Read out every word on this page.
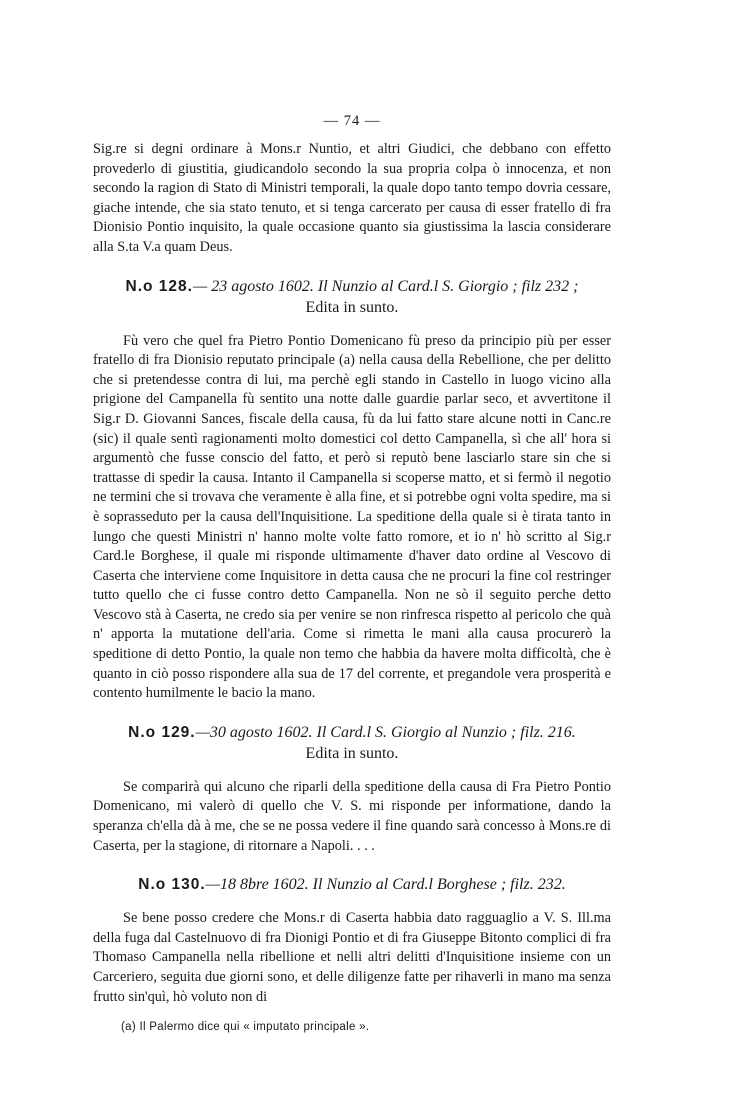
— 74 —

Sig.re si degni ordinare à Mons.r Nuntio, et altri Giudici, che debbano con effetto provederlo di giustitia, giudicandolo secondo la sua propria colpa ò innocenza, et non secondo la ragion di Stato di Ministri temporali, la quale dopo tanto tempo dovria cessare, giache intende, che sia stato tenuto, et si tenga carcerato per causa di esser fratello di fra Dionisio Pontio inquisito, la quale occasione quanto sia giustissima la lascia considerare alla S.ta V.a quam Deus.

N.o 128.— 23 agosto 1602. Il Nunzio al Card.l S. Giorgio ; filz 232 ;
Edita in sunto.

Fù vero che quel fra Pietro Pontio Domenicano fù preso da principio più per esser fratello di fra Dionisio reputato principale (a) nella causa della Rebellione, che per delitto che si pretendesse contra di lui, ma perchè egli stando in Castello in luogo vicino alla prigione del Campanella fù sentito una notte dalle guardie parlar seco, et avvertitone il Sig.r D. Giovanni Sances, fiscale della causa, fù da lui fatto stare alcune notti in Canc.re (sic) il quale sentì ragionamenti molto domestici col detto Campanella, sì che all' hora si argumentò che fusse conscio del fatto, et però si reputò bene lasciarlo stare sin che si trattasse di spedir la causa. Intanto il Campanella si scoperse matto, et si fermò il negotio ne termini che si trovava che veramente è alla fine, et si potrebbe ogni volta spedire, ma si è soprasseduto per la causa dell'Inquisitione. La speditione della quale si è tirata tanto in lungo che questi Ministri n' hanno molte volte fatto romore, et io n' hò scritto al Sig.r Card.le Borghese, il quale mi risponde ultimamente d'haver dato ordine al Vescovo di Caserta che interviene come Inquisitore in detta causa che ne procuri la fine col restringer tutto quello che ci fusse contro detto Campanella. Non ne sò il seguito perche detto Vescovo stà à Caserta, ne credo sia per venire se non rinfresca rispetto al pericolo che quà n' apporta la mutatione dell'aria. Come si rimetta le mani alla causa procurerò la speditione di detto Pontio, la quale non temo che habbia da havere molta difficoltà, che è quanto in ciò posso rispondere alla sua de 17 del corrente, et pregandole vera prosperità e contento humilmente le bacio la mano.

N.o 129.—30 agosto 1602. Il Card.l S. Giorgio al Nunzio ; filz. 216.
Edita in sunto.

Se comparirà qui alcuno che riparli della speditione della causa di Fra Pietro Pontio Domenicano, mi valerò di quello che V. S. mi risponde per informatione, dando la speranza ch'ella dà à me, che se ne possa vedere il fine quando sarà concesso à Mons.re di Caserta, per la stagione, di ritornare a Napoli. . . .

N.o 130.—18 8bre 1602. Il Nunzio al Card.l Borghese ; filz. 232.

Se bene posso credere che Mons.r di Caserta habbia dato ragguaglio a V. S. Ill.ma della fuga dal Castelnuovo di fra Dionigi Pontio et di fra Giuseppe Bitonto complici di fra Thomaso Campanella nella ribellione et nelli altri delitti d'Inquisitione insieme con un Carceriero, seguita due giorni sono, et delle diligenze fatte per rihaverli in mano ma senza frutto sin'quì, hò voluto non di

(a) Il Palermo dice qui « imputato principale ».
